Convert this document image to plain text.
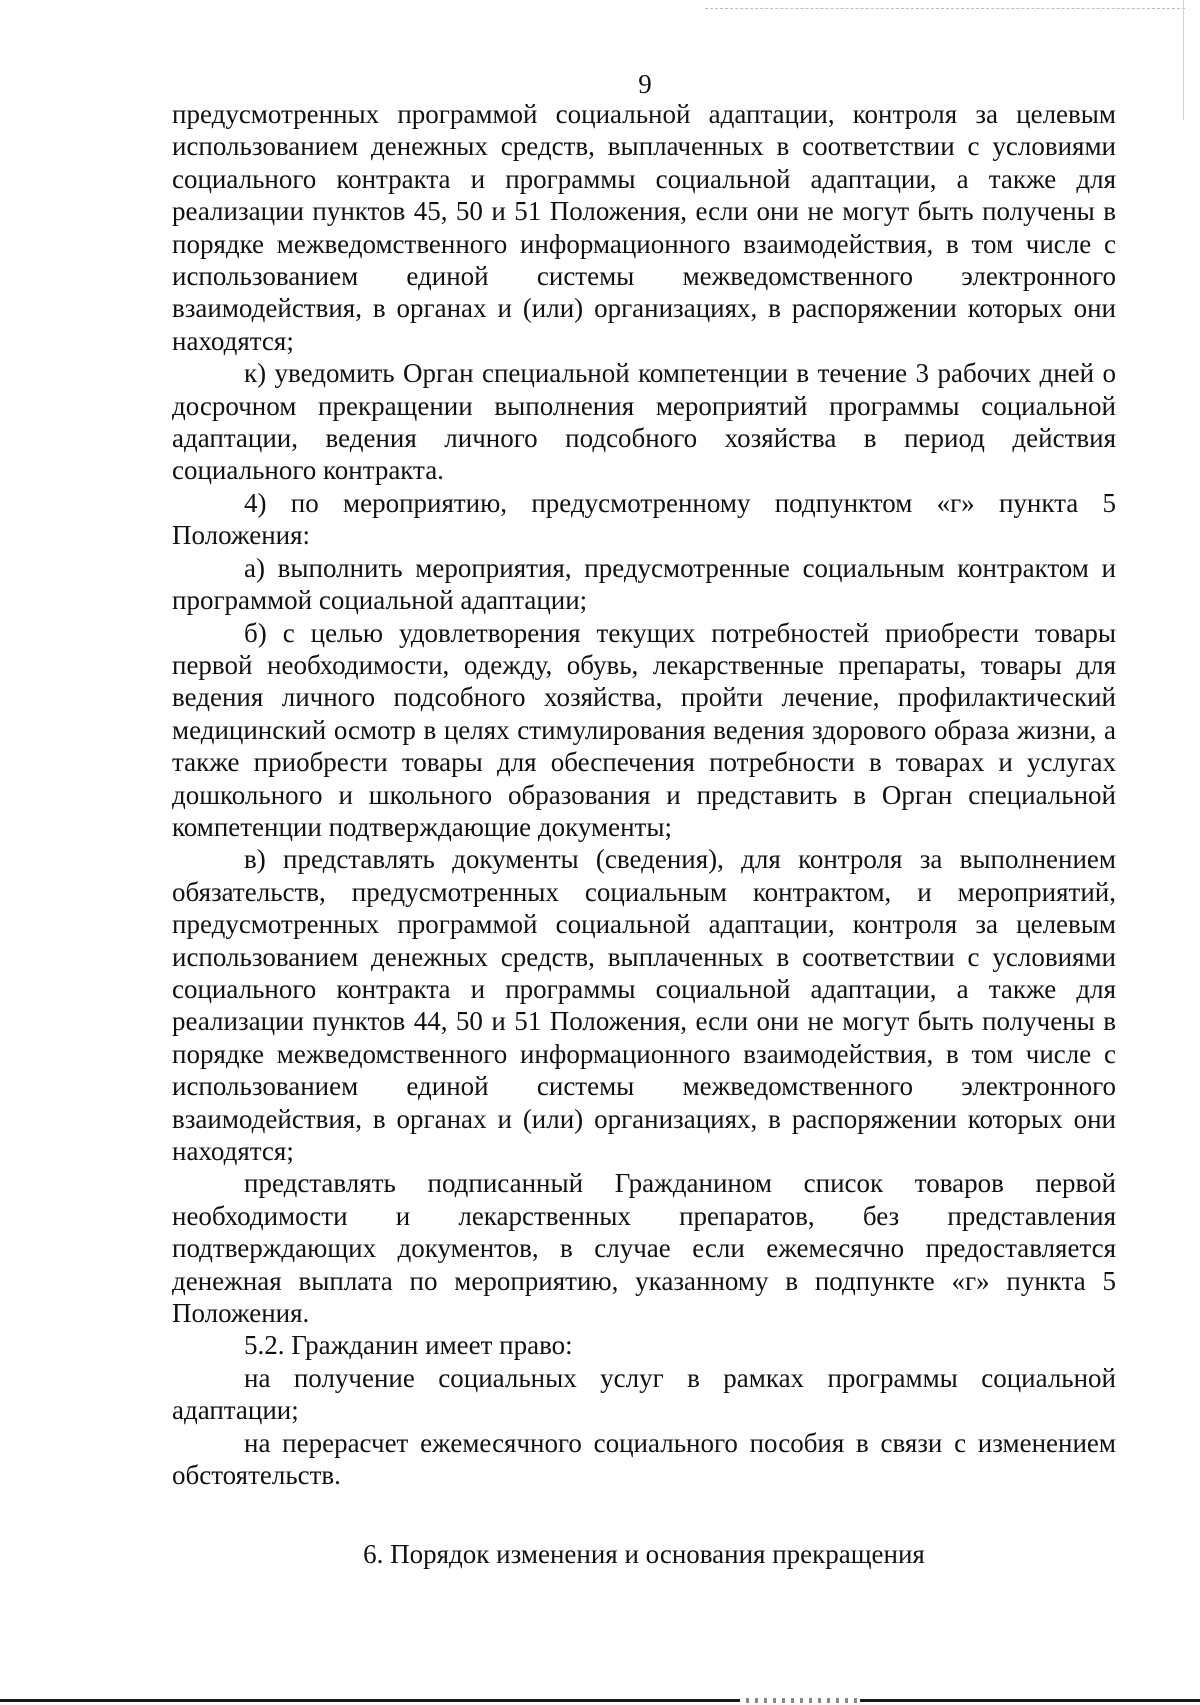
9

предусмотренных программой социальной адаптации, контроля за целевым использованием денежных средств, выплаченных в соответствии с условиями социального контракта и программы социальной адаптации, а также для реализации пунктов 45, 50 и 51 Положения, если они не могут быть получены в порядке межведомственного информационного взаимодействия, в том числе с использованием единой системы межведомственного электронного взаимодействия, в органах и (или) организациях, в распоряжении которых они находятся;

к) уведомить Орган специальной компетенции в течение 3 рабочих дней о досрочном прекращении выполнения мероприятий программы социальной адаптации, ведения личного подсобного хозяйства в период действия социального контракта.

4) по мероприятию, предусмотренному подпунктом «г» пункта 5 Положения:

а) выполнить мероприятия, предусмотренные социальным контрактом и программой социальной адаптации;

б) с целью удовлетворения текущих потребностей приобрести товары первой необходимости, одежду, обувь, лекарственные препараты, товары для ведения личного подсобного хозяйства, пройти лечение, профилактический медицинский осмотр в целях стимулирования ведения здорового образа жизни, а также приобрести товары для обеспечения потребности в товарах и услугах дошкольного и школьного образования и представить в Орган специальной компетенции подтверждающие документы;

в) представлять документы (сведения), для контроля за выполнением обязательств, предусмотренных социальным контрактом, и мероприятий, предусмотренных программой социальной адаптации, контроля за целевым использованием денежных средств, выплаченных в соответствии с условиями социального контракта и программы социальной адаптации, а также для реализации пунктов 44, 50 и 51 Положения, если они не могут быть получены в порядке межведомственного информационного взаимодействия, в том числе с использованием единой системы межведомственного электронного взаимодействия, в органах и (или) организациях, в распоряжении которых они находятся;

представлять подписанный Гражданином список товаров первой необходимости и лекарственных препаратов, без представления подтверждающих документов, в случае если ежемесячно предоставляется денежная выплата по мероприятию, указанному в подпункте «г» пункта 5 Положения.

5.2. Гражданин имеет право:

на получение социальных услуг в рамках программы социальной адаптации;

на перерасчет ежемесячного социального пособия в связи с изменением обстоятельств.

6. Порядок изменения и основания прекращения
